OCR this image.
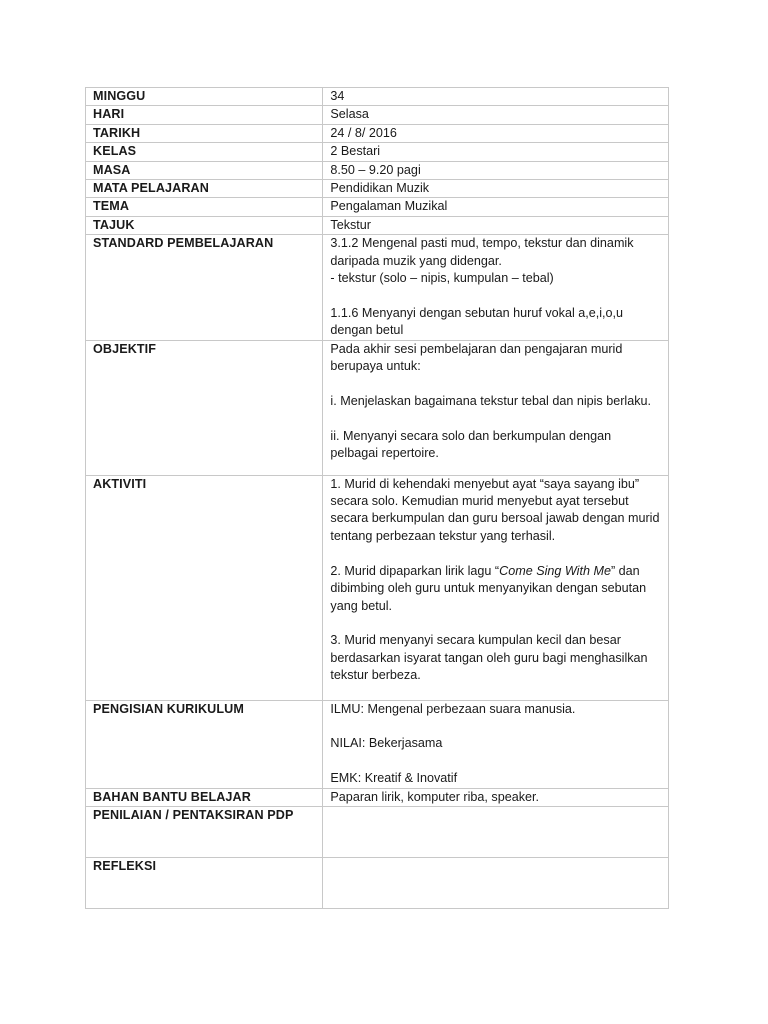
MINGGU	34
HARI	Selasa
TARIKH	24 / 8/ 2016
KELAS	2 Bestari
MASA	8.50 – 9.20 pagi
MATA PELAJARAN	Pendidikan Muzik
TEMA	Pengalaman Muzikal
TAJUK	Tekstur
STANDARD PEMBELAJARAN	3.1.2 Mengenal pasti mud, tempo, tekstur dan dinamik daripada muzik yang didengar.
- tekstur (solo – nipis, kumpulan – tebal)
1.1.6 Menyanyi dengan sebutan huruf vokal a,e,i,o,u dengan betul

OBJEKTIF	Pada akhir sesi pembelajaran dan pengajaran murid berupaya untuk:
i. Menjelaskan bagaimana tekstur tebal dan nipis berlaku.
ii. Menyanyi secara solo dan berkumpulan dengan pelbagai repertoire.

AKTIVITI	1. Murid di kehendaki menyebut ayat “saya sayang ibu” secara solo. Kemudian murid menyebut ayat tersebut secara berkumpulan dan guru bersoal jawab dengan murid tentang perbezaan tekstur yang terhasil.
2. Murid dipaparkan lirik lagu “Come Sing With Me” dan dibimbing oleh guru untuk menyanyikan dengan sebutan yang betul.
3. Murid menyanyi secara kumpulan kecil dan besar berdasarkan isyarat tangan oleh guru bagi menghasilkan tekstur berbeza.

PENGISIAN KURIKULUM	ILMU: Mengenal perbezaan suara manusia.
NILAI: Bekerjasama
EMK: Kreatif & Inovatif

BAHAN BANTU BELAJAR	Paparan lirik, komputer riba, speaker.
PENILAIAN / PENTAKSIRAN PDP	
REFLEKSI	
